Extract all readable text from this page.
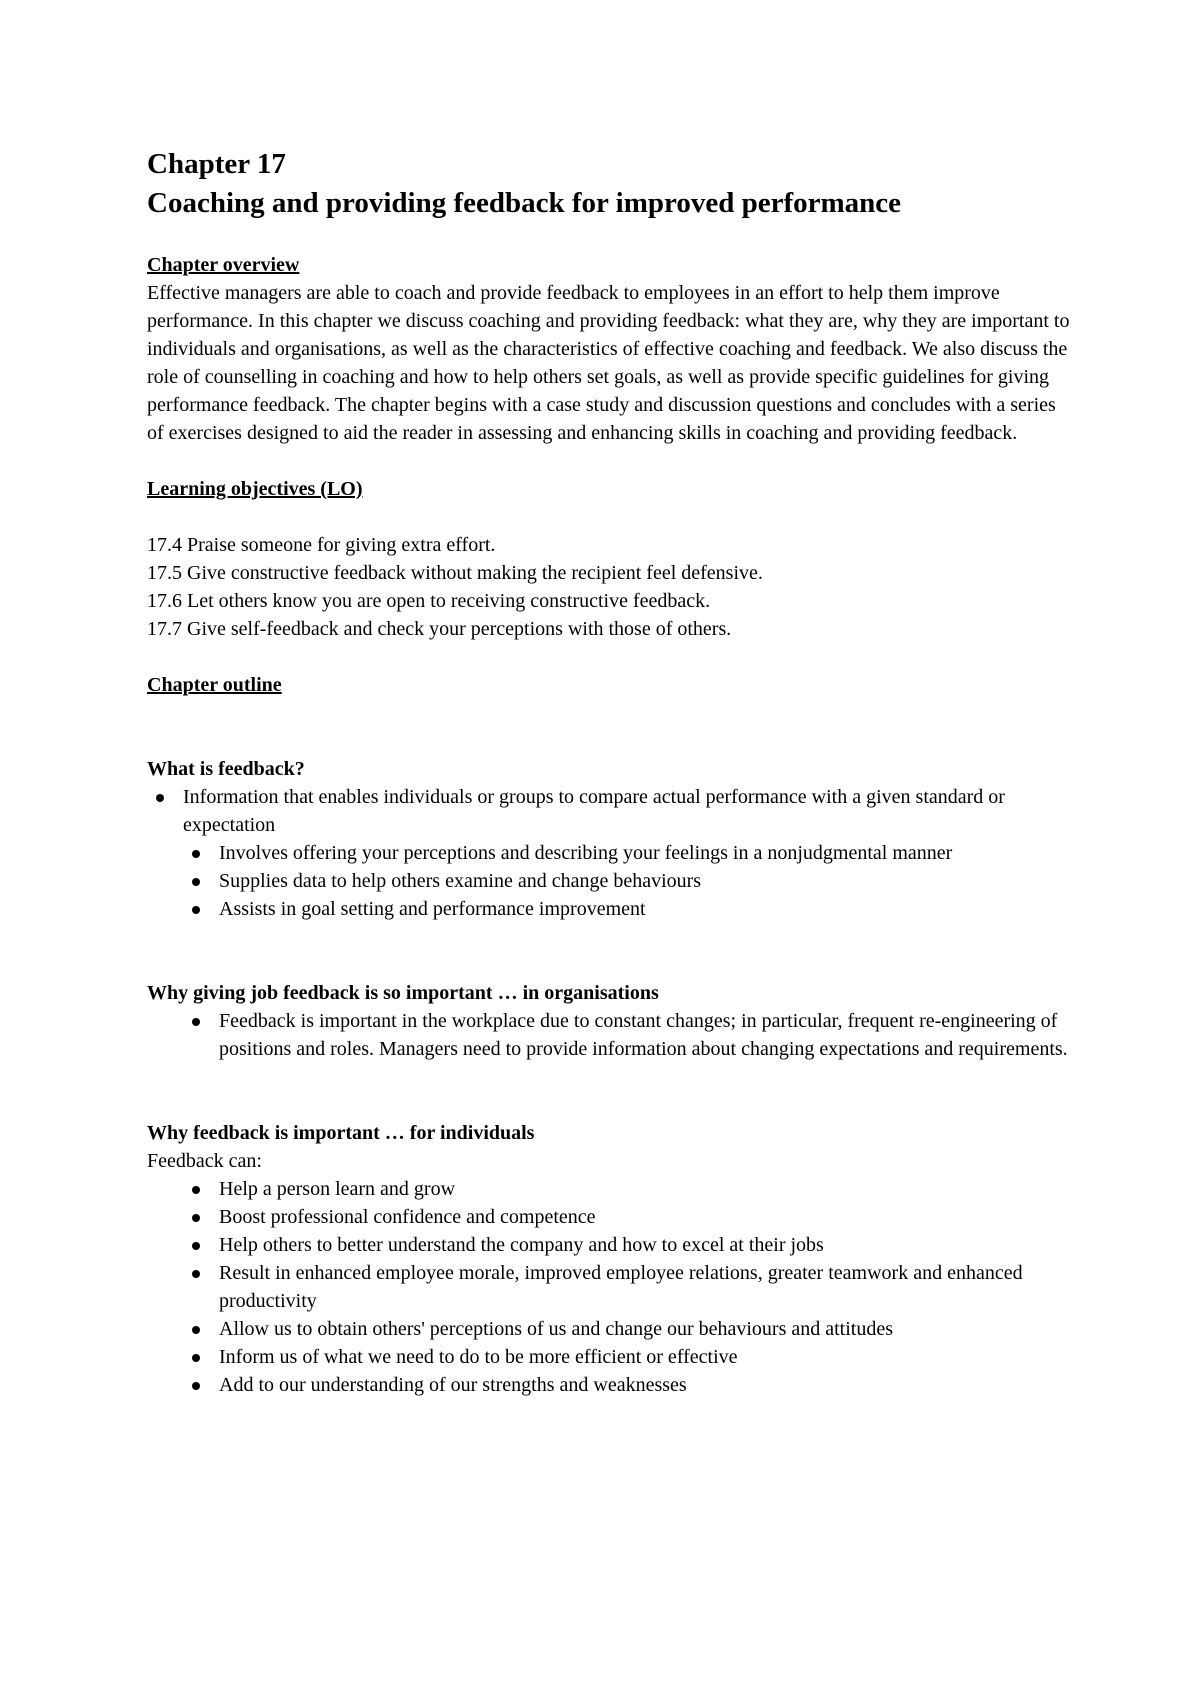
Chapter 17
Coaching and providing feedback for improved performance

Chapter overview

Effective managers are able to coach and provide feedback to employees in an effort to help them improve performance. In this chapter we discuss coaching and providing feedback: what they are, why they are important to individuals and organisations, as well as the characteristics of effective coaching and feedback. We also discuss the role of counselling in coaching and how to help others set goals, as well as provide specific guidelines for giving performance feedback. The chapter begins with a case study and discussion questions and concludes with a series of exercises designed to aid the reader in assessing and enhancing skills in coaching and providing feedback.

Learning objectives (LO)

17.4 Praise someone for giving extra effort.

17.5 Give constructive feedback without making the recipient feel defensive.

17.6 Let others know you are open to receiving constructive feedback.

17.7 Give self-feedback and check your perceptions with those of others.

Chapter outline

What is feedback?

Information that enables individuals or groups to compare actual performance with a given standard or expectation
Involves offering your perceptions and describing your feelings in a nonjudgmental manner
Supplies data to help others examine and change behaviours
Assists in goal setting and performance improvement

Why giving job feedback is so important … in organisations

Feedback is important in the workplace due to constant changes; in particular, frequent re-engineering of positions and roles. Managers need to provide information about changing expectations and requirements.

Why feedback is important … for individuals

Feedback can:

Help a person learn and grow
Boost professional confidence and competence
Help others to better understand the company and how to excel at their jobs
Result in enhanced employee morale, improved employee relations, greater teamwork and enhanced productivity
Allow us to obtain others' perceptions of us and change our behaviours and attitudes
Inform us of what we need to do to be more efficient or effective
Add to our understanding of our strengths and weaknesses
